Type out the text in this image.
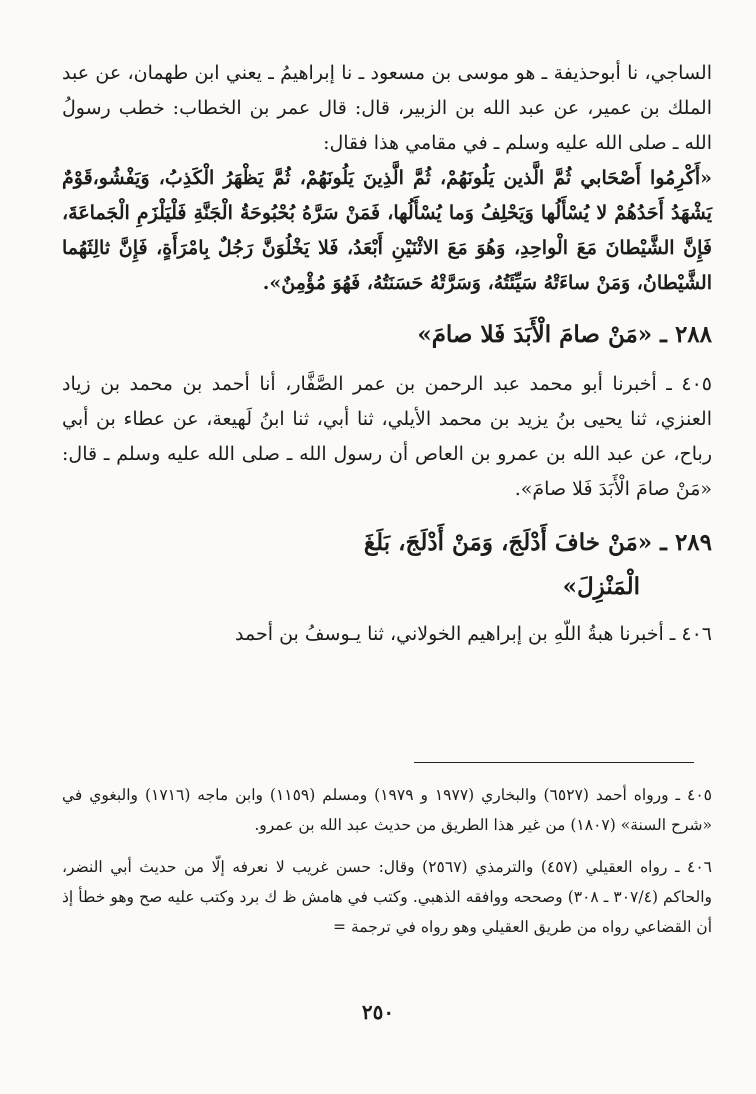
الساجي، نا أبوحذيفة ـ هو موسى بن مسعود ـ نا إبراهيمُ ـ يعني ابن طهمان، عن عبد الملك بن عمير، عن عبد الله بن الزبير، قال: قال عمر بن الخطاب: خطب رسولُ الله ـ صلى الله عليه وسلم ـ في مقامي هذا فقال:

«أَكْرِمُوا أَصْحَابي ثُمَّ الَّذين يَلُونَهُمْ، ثُمَّ الَّذِينَ يَلُونَهُمْ، ثُمَّ يَظْهَرُ الْكَذِبُ، وَيَفْشُو،قَوْمٌ يَشْهَدُ أَحَدُهُمْ لا يُسْأَلُها وَيَحْلِفُ وَما يُسْأَلُها، فَمَنْ سَرَّهُ بُحْبُوحَةُ الْجَنَّةِ فَلْيَلْزَمِ الْجَماعَةَ، فَإِنَّ الشَّيْطانَ مَعَ الْواحِدِ، وَهُوَ مَعَ الاثْنَيْنِ أَبْعَدُ، فَلا يَخْلُوَنَّ رَجُلٌ بِامْرَأَةٍ، فَإِنَّ ثالِثَهُما الشَّيْطانُ، وَمَنْ ساءَتْهُ سَيِّئَتُهُ، وَسَرَّتْهُ حَسَنَتُهُ، فَهُوَ مُؤْمِنٌ».

٢٨٨ ـ «مَنْ صامَ الْأَبَدَ فَلا صامَ»

٤٠٥ ـ أخبرنا أبو محمد عبد الرحمن بن عمر الصَّفَّار، أنا أحمد بن محمد بن زياد العنزي، ثنا يحيى بنُ يزيد بن محمد الأيلي، ثنا أبي، ثنا ابنُ لَهيعة، عن عطاء بن أبي رباح، عن عبد الله بن عمرو بن العاص أن رسول الله ـ صلى الله عليه وسلم ـ قال: «مَنْ صامَ الْأَبَدَ فَلا صامَ».

٢٨٩ ـ «مَنْ خافَ أَدْلَجَ، وَمَنْ أَدْلَجَ، بَلَغَ
الْمَنْزِلَ»

٤٠٦ ـ أخبرنا هبةُ اللّهِ بن إبراهيم الخولاني، ثنا يـوسفُ بن أحمد

٤٠٥ ـ ورواه أحمد (٦٥٢٧) والبخاري (١٩٧٧ و ١٩٧٩) ومسلم (١١٥٩) وابن ماجه (١٧١٦) والبغوي في «شرح السنة» (١٨٠٧) من غير هذا الطريق من حديث عبد الله بن عمرو.

٤٠٦ ـ رواه العقيلي (٤٥٧) والترمذي (٢٥٦٧) وقال: حسن غريب لا نعرفه إلّا من حديث أبي النضر، والحاكم (٣٠٧/٤ ـ ٣٠٨) وصححه ووافقه الذهبي. وكتب في هامش ظ ك برد وكتب عليه صح وهو خطأ إذ أن القضاعي رواه من طريق العقيلي وهو رواه في ترجمة =

٢٥٠
